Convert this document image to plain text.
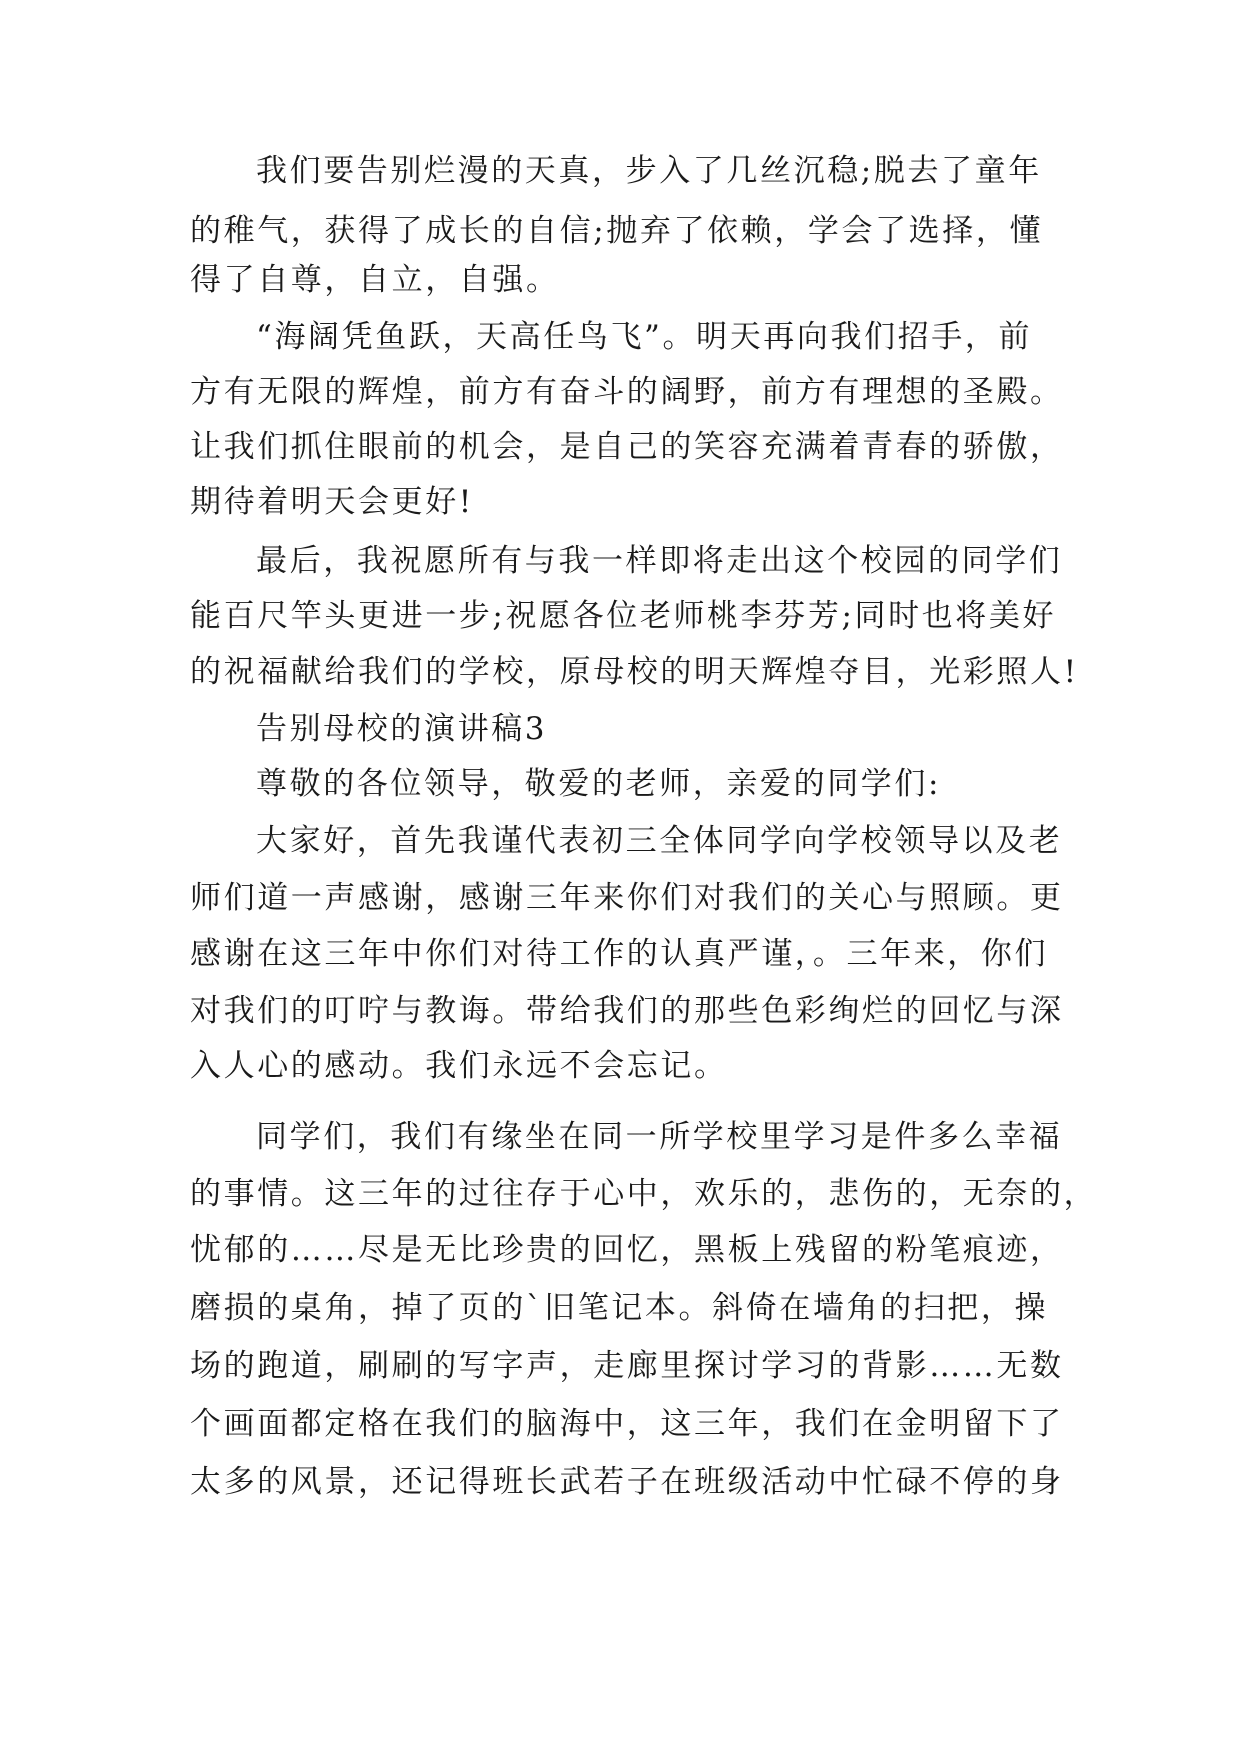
我们要告别烂漫的天真，步入了几丝沉稳;脱去了童年
的稚气，获得了成长的自信;抛弃了依赖，学会了选择，懂
得了自尊，自立，自强。
“海阔凭鱼跃，天高任鸟飞”。明天再向我们招手，前
方有无限的辉煌，前方有奋斗的阔野，前方有理想的圣殿。
让我们抓住眼前的机会，是自己的笑容充满着青春的骄傲，
期待着明天会更好!
最后，我祝愿所有与我一样即将走出这个校园的同学们
能百尺竿头更进一步;祝愿各位老师桃李芬芳;同时也将美好
的祝福献给我们的学校，原母校的明天辉煌夺目，光彩照人!
告别母校的演讲稿3
尊敬的各位领导，敬爱的老师，亲爱的同学们:
大家好，首先我谨代表初三全体同学向学校领导以及老
师们道一声感谢，感谢三年来你们对我们的关心与照顾。更
感谢在这三年中你们对待工作的认真严谨，。三年来，你们
对我们的叮咛与教诲。带给我们的那些色彩绚烂的回忆与深
入人心的感动。我们永远不会忘记。
同学们，我们有缘坐在同一所学校里学习是件多么幸福
的事情。这三年的过往存于心中，欢乐的，悲伤的，无奈的，
忧郁的……尽是无比珍贵的回忆，黑板上残留的粉笔痕迹，
磨损的桌角，掉了页的`旧笔记本。斜倚在墙角的扫把，操
场的跑道，刷刷的写字声，走廊里探讨学习的背影……无数
个画面都定格在我们的脑海中，这三年，我们在金明留下了
太多的风景，还记得班长武若子在班级活动中忙碌不停的身
